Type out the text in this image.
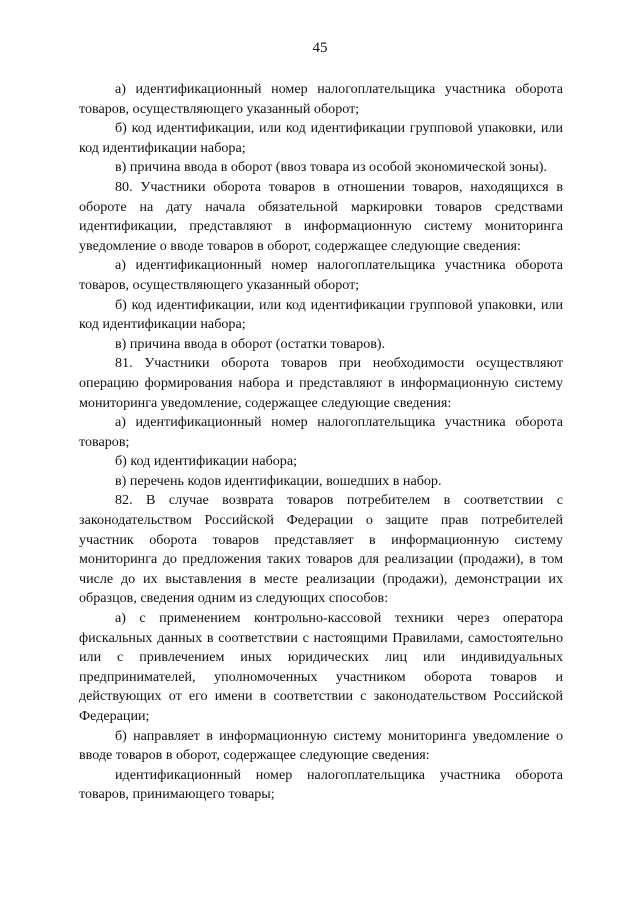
45

а) идентификационный номер налогоплательщика участника оборота товаров, осуществляющего указанный оборот;

б) код идентификации, или код идентификации групповой упаковки, или код идентификации набора;

в) причина ввода в оборот (ввоз товара из особой экономической зоны).

80. Участники оборота товаров в отношении товаров, находящихся в обороте на дату начала обязательной маркировки товаров средствами идентификации, представляют в информационную систему мониторинга уведомление о вводе товаров в оборот, содержащее следующие сведения:

а) идентификационный номер налогоплательщика участника оборота товаров, осуществляющего указанный оборот;

б) код идентификации, или код идентификации групповой упаковки, или код идентификации набора;

в) причина ввода в оборот (остатки товаров).

81. Участники оборота товаров при необходимости осуществляют операцию формирования набора и представляют в информационную систему мониторинга уведомление, содержащее следующие сведения:

а) идентификационный номер налогоплательщика участника оборота товаров;

б) код идентификации набора;

в) перечень кодов идентификации, вошедших в набор.

82. В случае возврата товаров потребителем в соответствии с законодательством Российской Федерации о защите прав потребителей участник оборота товаров представляет в информационную систему мониторинга до предложения таких товаров для реализации (продажи), в том числе до их выставления в месте реализации (продажи), демонстрации их образцов, сведения одним из следующих способов:

а) с применением контрольно-кассовой техники через оператора фискальных данных в соответствии с настоящими Правилами, самостоятельно или с привлечением иных юридических лиц или индивидуальных предпринимателей, уполномоченных участником оборота товаров и действующих от его имени в соответствии с законодательством Российской Федерации;

б) направляет в информационную систему мониторинга уведомление о вводе товаров в оборот, содержащее следующие сведения:

идентификационный номер налогоплательщика участника оборота товаров, принимающего товары;
